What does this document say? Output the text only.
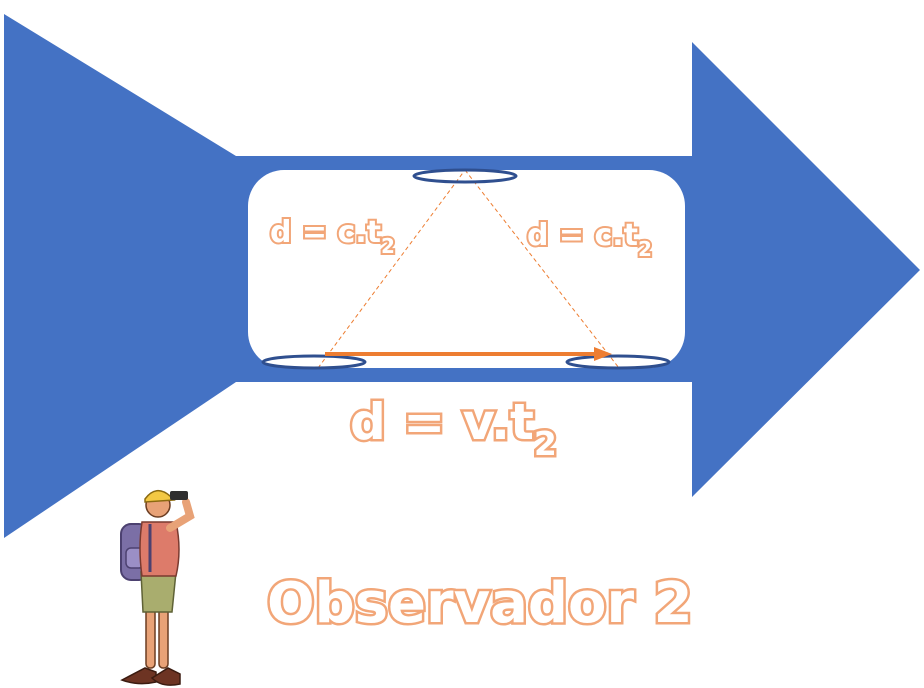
$d = c.t_2$	$d = c.t_2$
$d = v.t_2$
Observador 2
